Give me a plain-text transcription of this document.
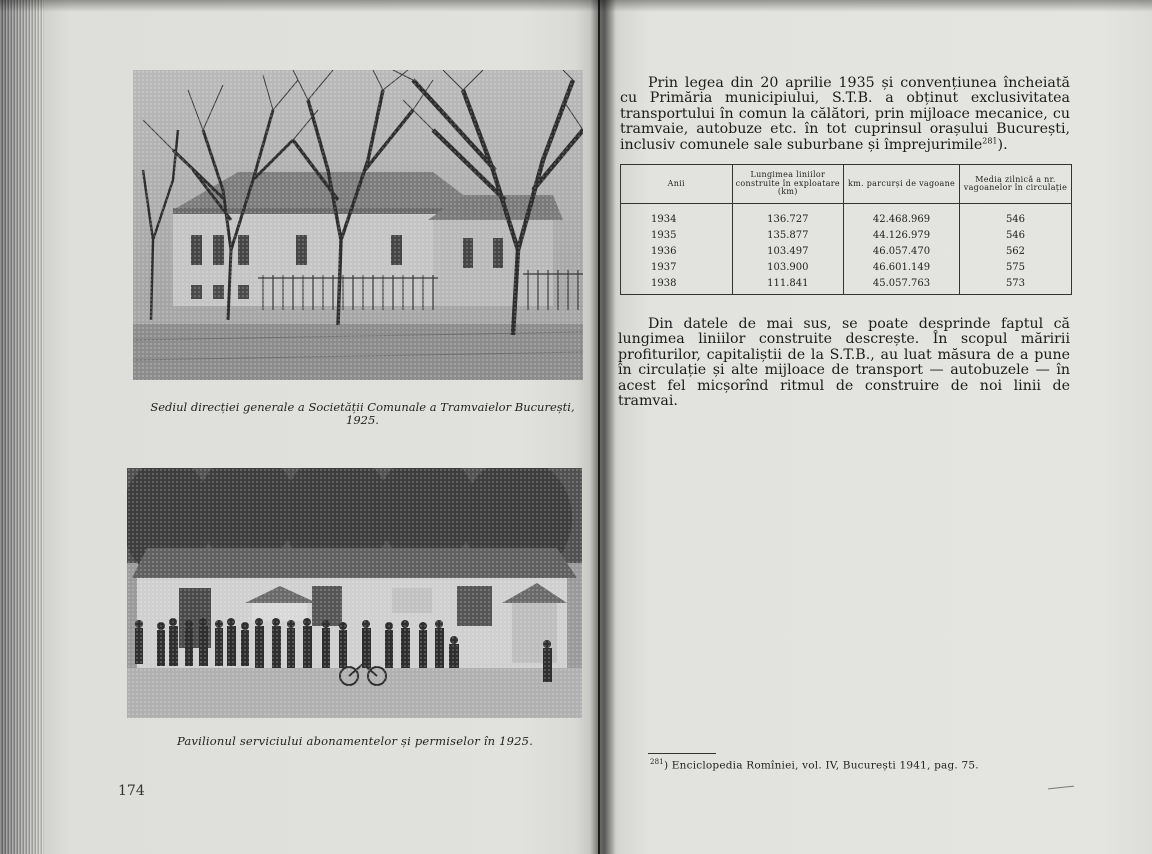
Sediul direcției generale a Societății Comunale a Tramvaielor București, 1925.
Pavilionul serviciului abonamentelor și permiselor în 1925.
174
Prin legea din 20 aprilie 1935 și convențiunea încheiată cu Primăria municipiului, S.T.B. a obținut exclusivitatea transportului în comun la călători, prin mijloace mecanice, cu tramvaie, autobuze etc. în tot cuprinsul orașului București, inclusiv comunele sale suburbane și împrejurimile$^{281}$).
Anii	Lungimea liniilor construite în exploatare (km)	km. parcurși de vagoane	Media zilnică a nr. vagoanelor în circulație
1934	136.727	42.468.969	546
1935	135.877	44.126.979	546
1936	103.497	46.057.470	562
1937	103.900	46.601.149	575
1938	111.841	45.057.763	573
Din datele de mai sus, se poate desprinde faptul că lungimea liniilor construite descrește. În scopul măririi profiturilor, capitaliștii de la S.T.B., au luat măsura de a pune în circulație și alte mijloace de transport — autobuzele — în acest fel micșorînd ritmul de construire de noi linii de tramvai.
$^{281}$) Enciclopedia Romîniei, vol. IV, București 1941, pag. 75.
